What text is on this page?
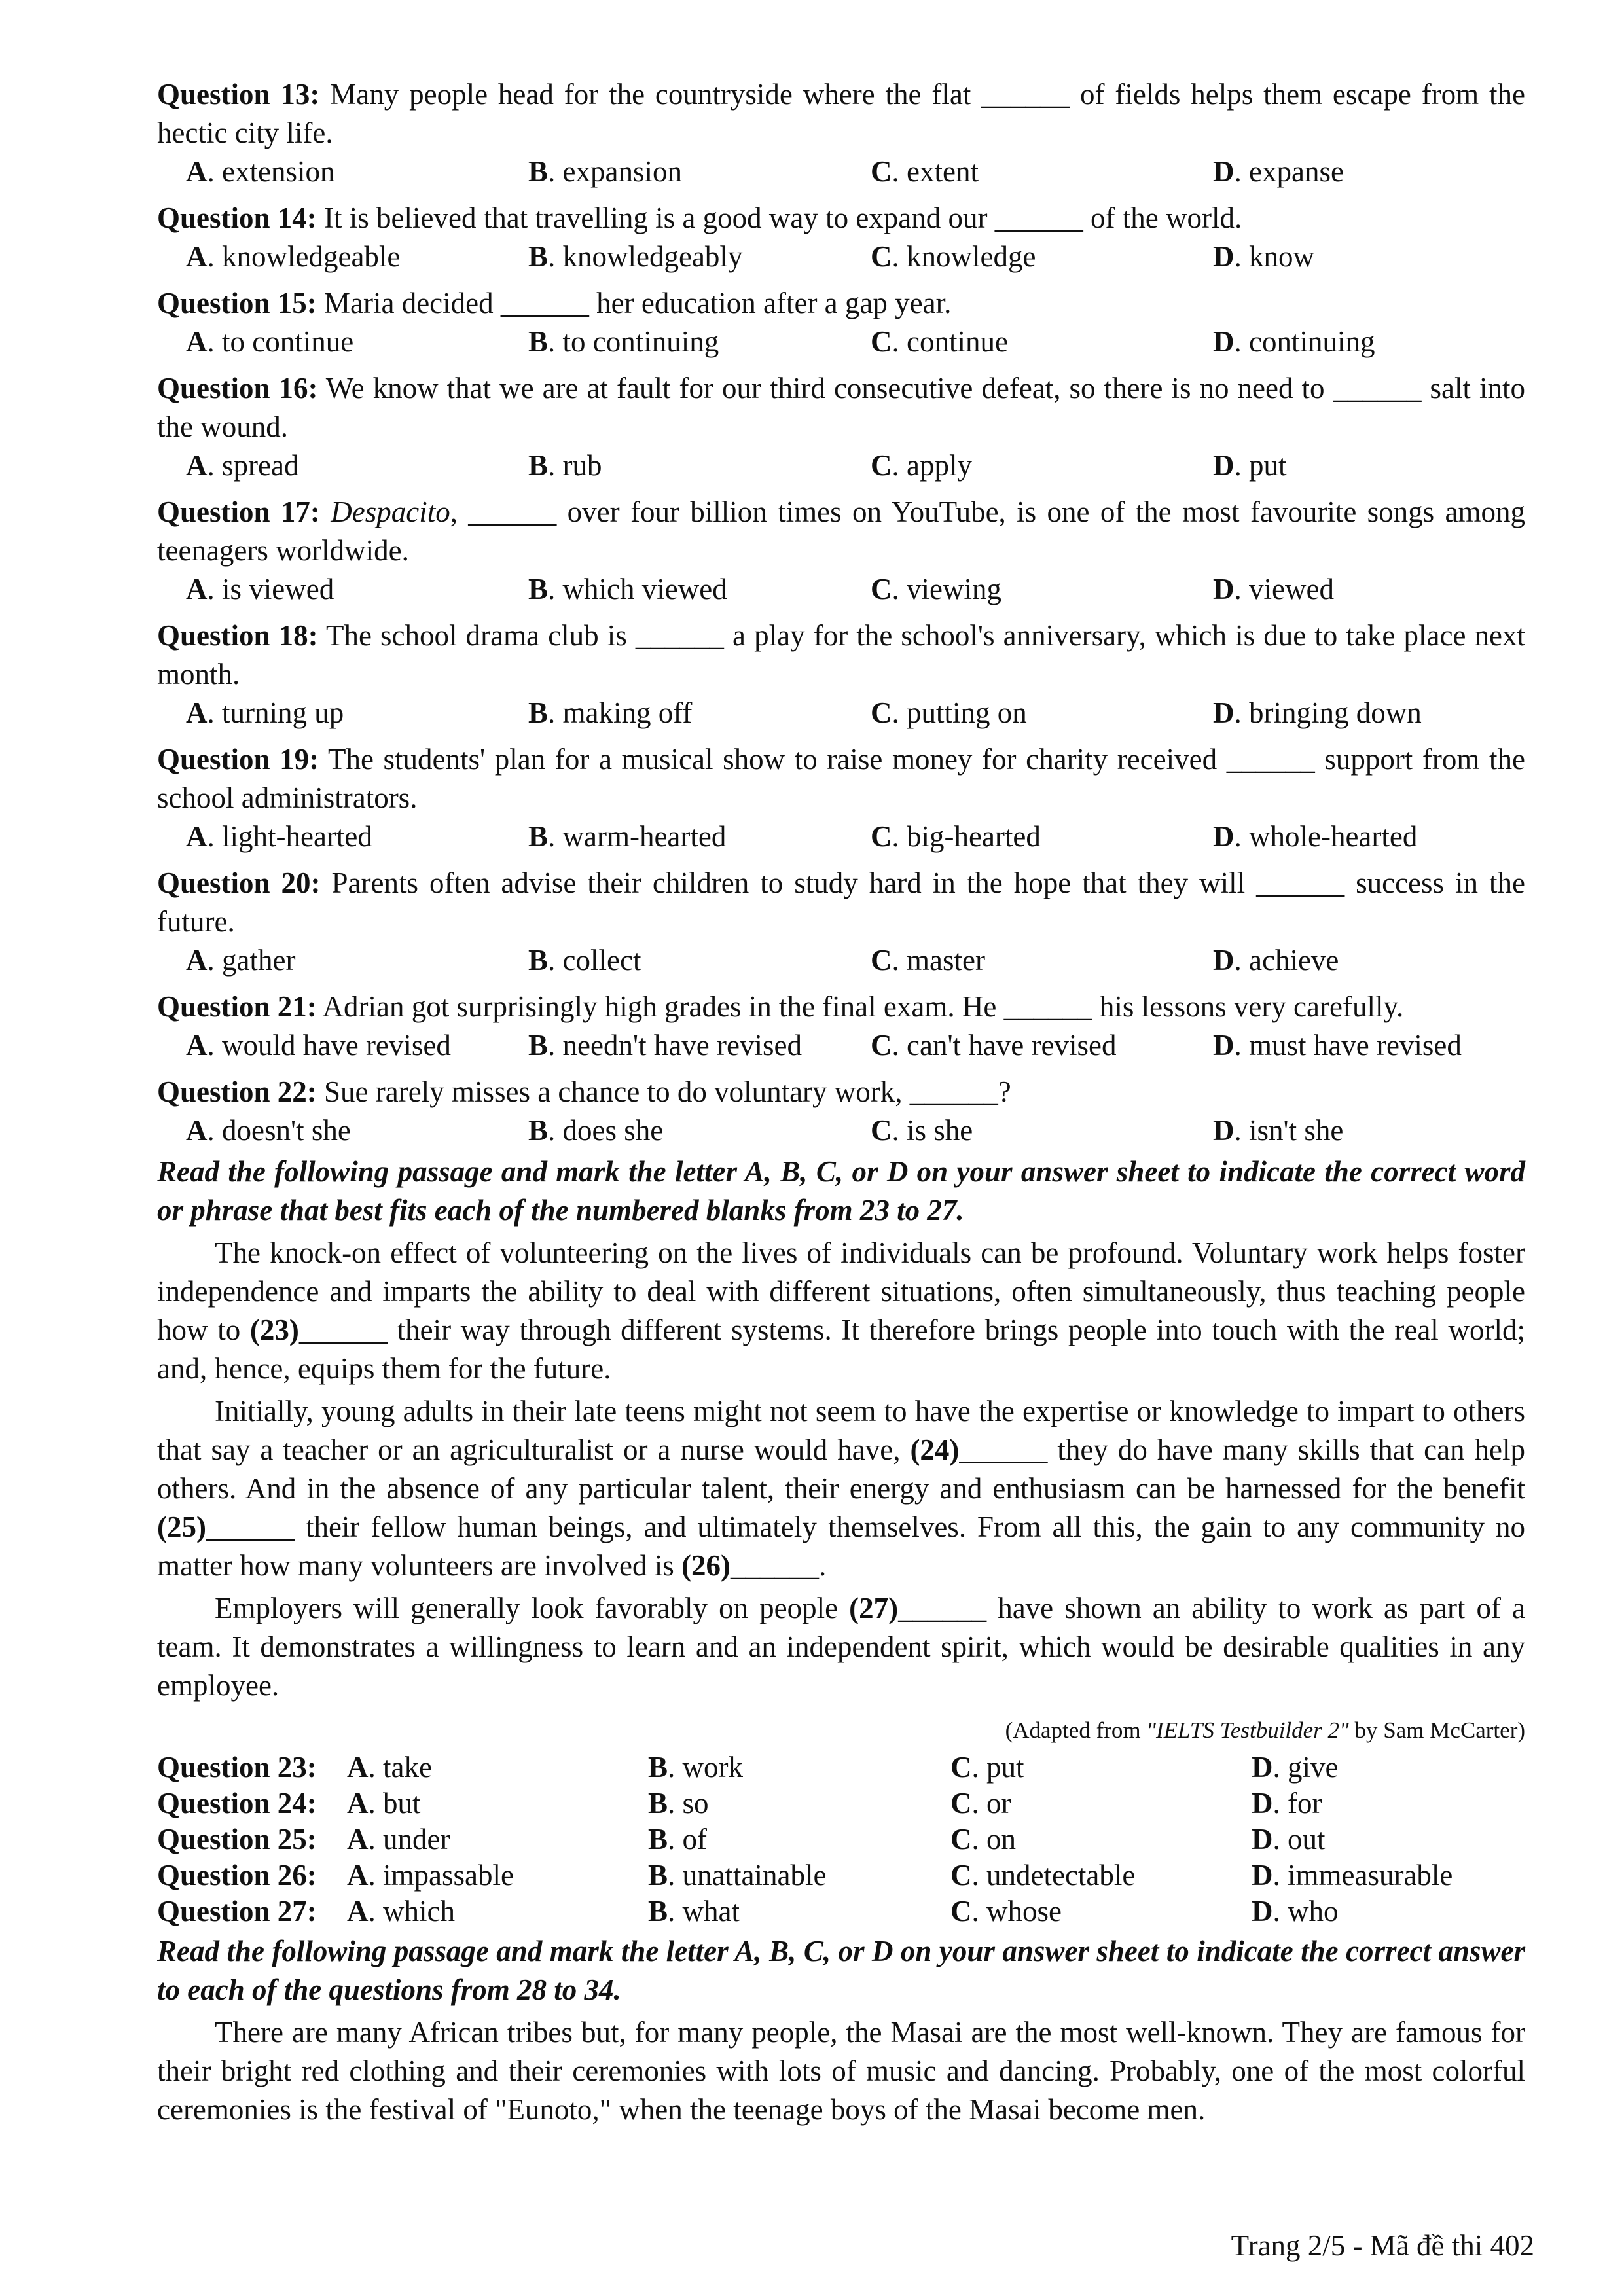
Question 13: Many people head for the countryside where the flat ______ of fields helps them escape from the hectic city life.
A. extension	B. expansion	C. extent	D. expanse
Question 14: It is believed that travelling is a good way to expand our ______ of the world.
A. knowledgeable	B. knowledgeably	C. knowledge	D. know
Question 15: Maria decided ______ her education after a gap year.
A. to continue	B. to continuing	C. continue	D. continuing
Question 16: We know that we are at fault for our third consecutive defeat, so there is no need to ______ salt into the wound.
A. spread	B. rub	C. apply	D. put
Question 17: Despacito, ______ over four billion times on YouTube, is one of the most favourite songs among teenagers worldwide.
A. is viewed	B. which viewed	C. viewing	D. viewed
Question 18: The school drama club is ______ a play for the school's anniversary, which is due to take place next month.
A. turning up	B. making off	C. putting on	D. bringing down
Question 19: The students' plan for a musical show to raise money for charity received ______ support from the school administrators.
A. light-hearted	B. warm-hearted	C. big-hearted	D. whole-hearted
Question 20: Parents often advise their children to study hard in the hope that they will ______ success in the future.
A. gather	B. collect	C. master	D. achieve
Question 21: Adrian got surprisingly high grades in the final exam. He ______ his lessons very carefully.
A. would have revised	B. needn't have revised	C. can't have revised	D. must have revised
Question 22: Sue rarely misses a chance to do voluntary work, ______?
A. doesn't she	B. does she	C. is she	D. isn't she
Read the following passage and mark the letter A, B, C, or D on your answer sheet to indicate the correct word or phrase that best fits each of the numbered blanks from 23 to 27.
The knock-on effect of volunteering on the lives of individuals can be profound. Voluntary work helps foster independence and imparts the ability to deal with different situations, often simultaneously, thus teaching people how to (23)______ their way through different systems. It therefore brings people into touch with the real world; and, hence, equips them for the future.
Initially, young adults in their late teens might not seem to have the expertise or knowledge to impart to others that say a teacher or an agriculturalist or a nurse would have, (24)______ they do have many skills that can help others. And in the absence of any particular talent, their energy and enthusiasm can be harnessed for the benefit (25)______ their fellow human beings, and ultimately themselves. From all this, the gain to any community no matter how many volunteers are involved is (26)______.
Employers will generally look favorably on people (27)______ have shown an ability to work as part of a team. It demonstrates a willingness to learn and an independent spirit, which would be desirable qualities in any employee.
(Adapted from "IELTS Testbuilder 2" by Sam McCarter)
Question 23:	A. take	B. work	C. put	D. give
Question 24:	A. but	B. so	C. or	D. for
Question 25:	A. under	B. of	C. on	D. out
Question 26:	A. impassable	B. unattainable	C. undetectable	D. immeasurable
Question 27:	A. which	B. what	C. whose	D. who
Read the following passage and mark the letter A, B, C, or D on your answer sheet to indicate the correct answer to each of the questions from 28 to 34.
There are many African tribes but, for many people, the Masai are the most well-known. They are famous for their bright red clothing and their ceremonies with lots of music and dancing. Probably, one of the most colorful ceremonies is the festival of "Eunoto," when the teenage boys of the Masai become men.
Trang 2/5 - Mã đề thi 402
